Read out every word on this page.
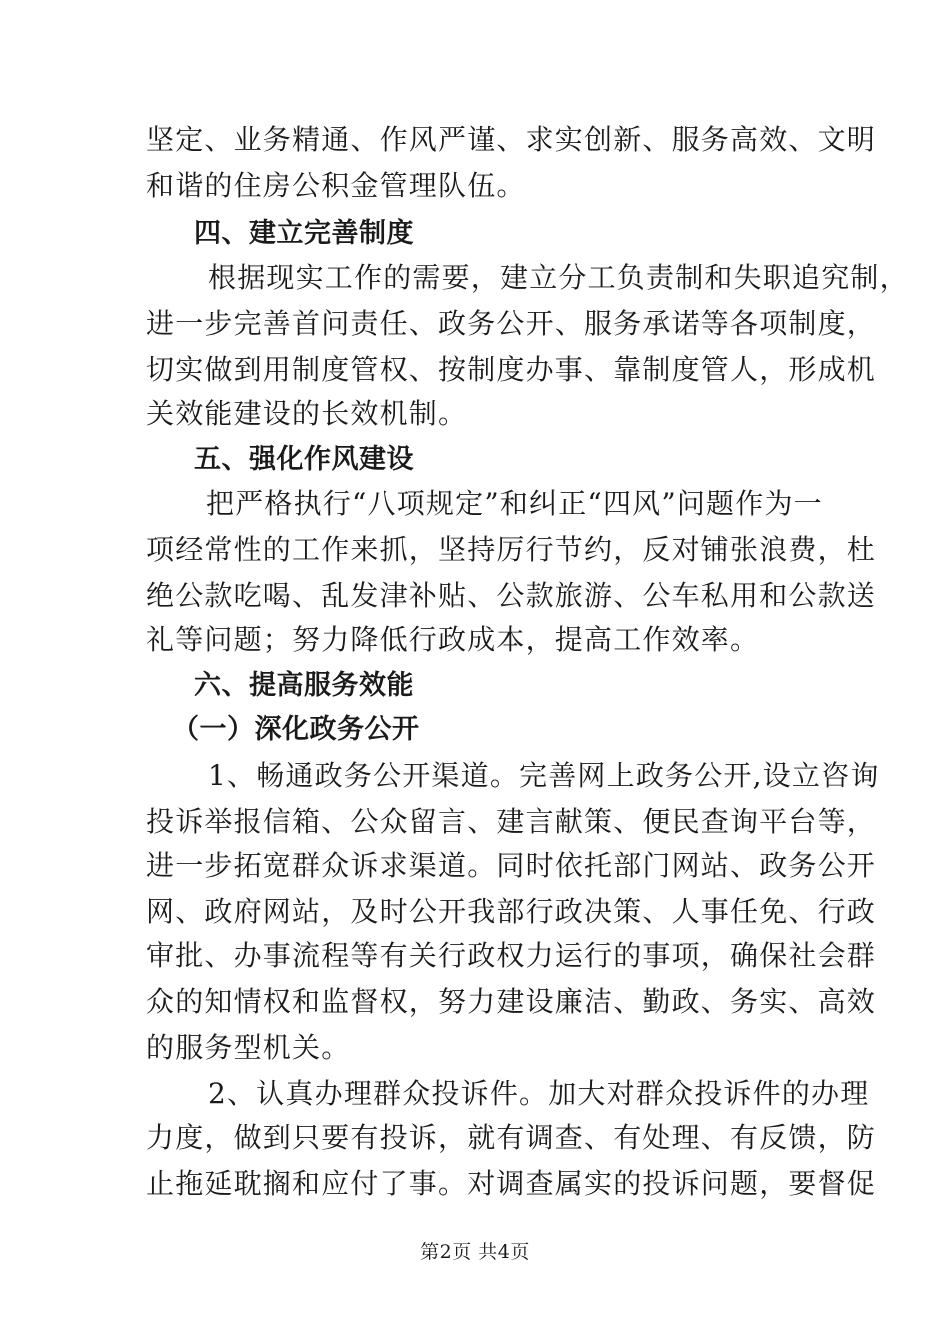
坚定、业务精通、作风严谨、求实创新、服务高效、文明
和谐的住房公积金管理队伍。
四、建立完善制度
根据现实工作的需要，建立分工负责制和失职追究制，
进一步完善首问责任、政务公开、服务承诺等各项制度，
切实做到用制度管权、按制度办事、靠制度管人，形成机
关效能建设的长效机制。
五、强化作风建设
把严格执行“八项规定”和纠正“四风”问题作为一
项经常性的工作来抓，坚持厉行节约，反对铺张浪费，杜
绝公款吃喝、乱发津补贴、公款旅游、公车私用和公款送
礼等问题；努力降低行政成本，提高工作效率。
六、提高服务效能
（一）深化政务公开
1、畅通政务公开渠道。完善网上政务公开,设立咨询
投诉举报信箱、公众留言、建言献策、便民查询平台等，
进一步拓宽群众诉求渠道。同时依托部门网站、政务公开
网、政府网站，及时公开我部行政决策、人事任免、行政
审批、办事流程等有关行政权力运行的事项，确保社会群
众的知情权和监督权，努力建设廉洁、勤政、务实、高效
的服务型机关。
2、认真办理群众投诉件。加大对群众投诉件的办理
力度，做到只要有投诉，就有调查、有处理、有反馈，防
止拖延耽搁和应付了事。对调查属实的投诉问题，要督促
第2页 共4页
